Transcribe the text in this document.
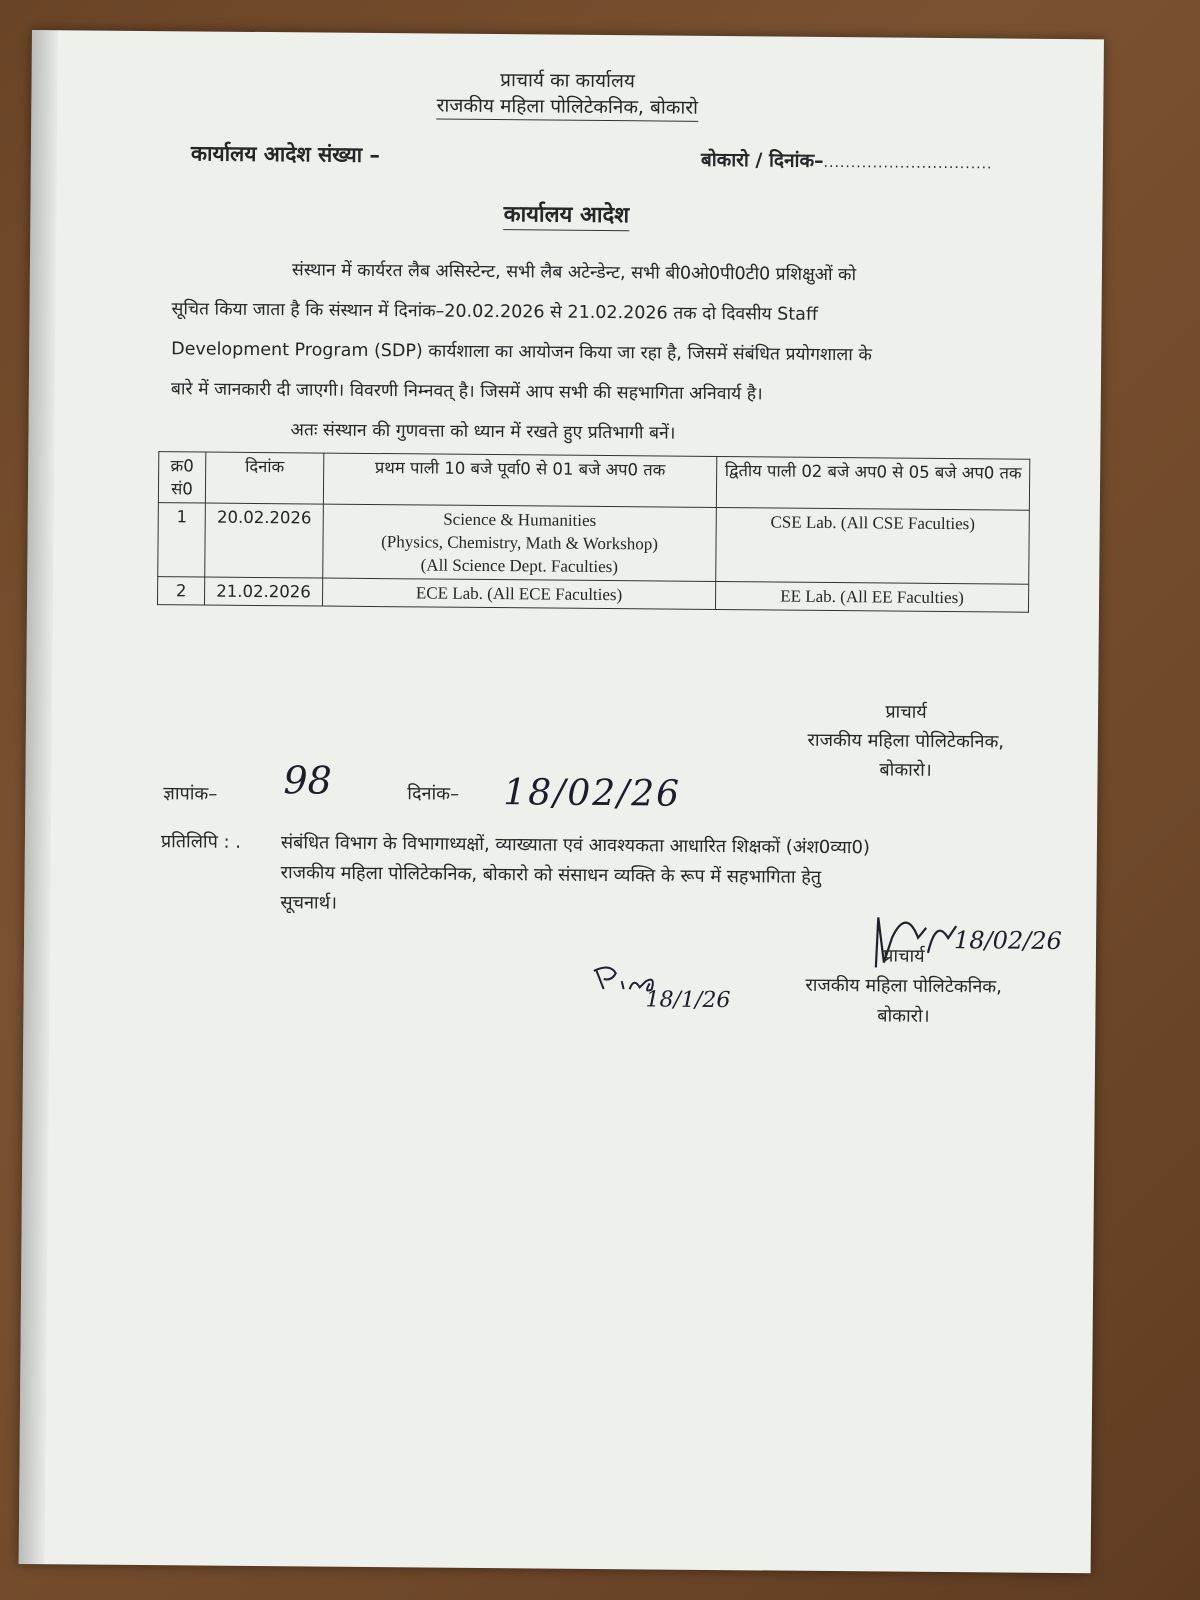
प्राचार्य का कार्यालय
राजकीय महिला पोलिटेकनिक, बोकारो
कार्यालय आदेश संख्या –	बोकारो / दिनांक–...............................
कार्यालय आदेश
संस्थान में कार्यरत लैब असिस्टेन्ट, सभी लैब अटेन्डेन्ट, सभी बी0ओ0पी0टी0 प्रशिक्षुओं को
सूचित किया जाता है कि संस्थान में दिनांक–20.02.2026 से 21.02.2026 तक दो दिवसीय Staff
Development Program (SDP) कार्यशाला का आयोजन किया जा रहा है, जिसमें संबंधित प्रयोगशाला के
बारे में जानकारी दी जाएगी। विवरणी निम्नवत् है। जिसमें आप सभी की सहभागिता अनिवार्य है।
अतः संस्थान की गुणवत्ता को ध्यान में रखते हुए प्रतिभागी बनें।
क्र0 सं0	दिनांक	प्रथम पाली 10 बजे पूर्वा0 से 01 बजे अप0 तक	द्वितीय पाली 02 बजे अप0 से 05 बजे अप0 तक
1	20.02.2026	Science & Humanities
(Physics, Chemistry, Math & Workshop)
(All Science Dept. Faculties)	CSE Lab. (All CSE Faculties)
2	21.02.2026	ECE Lab. (All ECE Faculties)	EE Lab. (All EE Faculties)
प्राचार्य
राजकीय महिला पोलिटेकनिक,
बोकारो।
ज्ञापांक– 98	दिनांक– 18/02/26
प्रतिलिपि : . संबंधित विभाग के विभागाध्यक्षों, व्याख्याता एवं आवश्यकता आधारित शिक्षकों (अंश0व्या0)
राजकीय महिला पोलिटेकनिक, बोकारो को संसाधन व्यक्ति के रूप में सहभागिता हेतु
सूचनार्थ।
18/02/26
प्राचार्य
राजकीय महिला पोलिटेकनिक,
बोकारो।
18/1/26
